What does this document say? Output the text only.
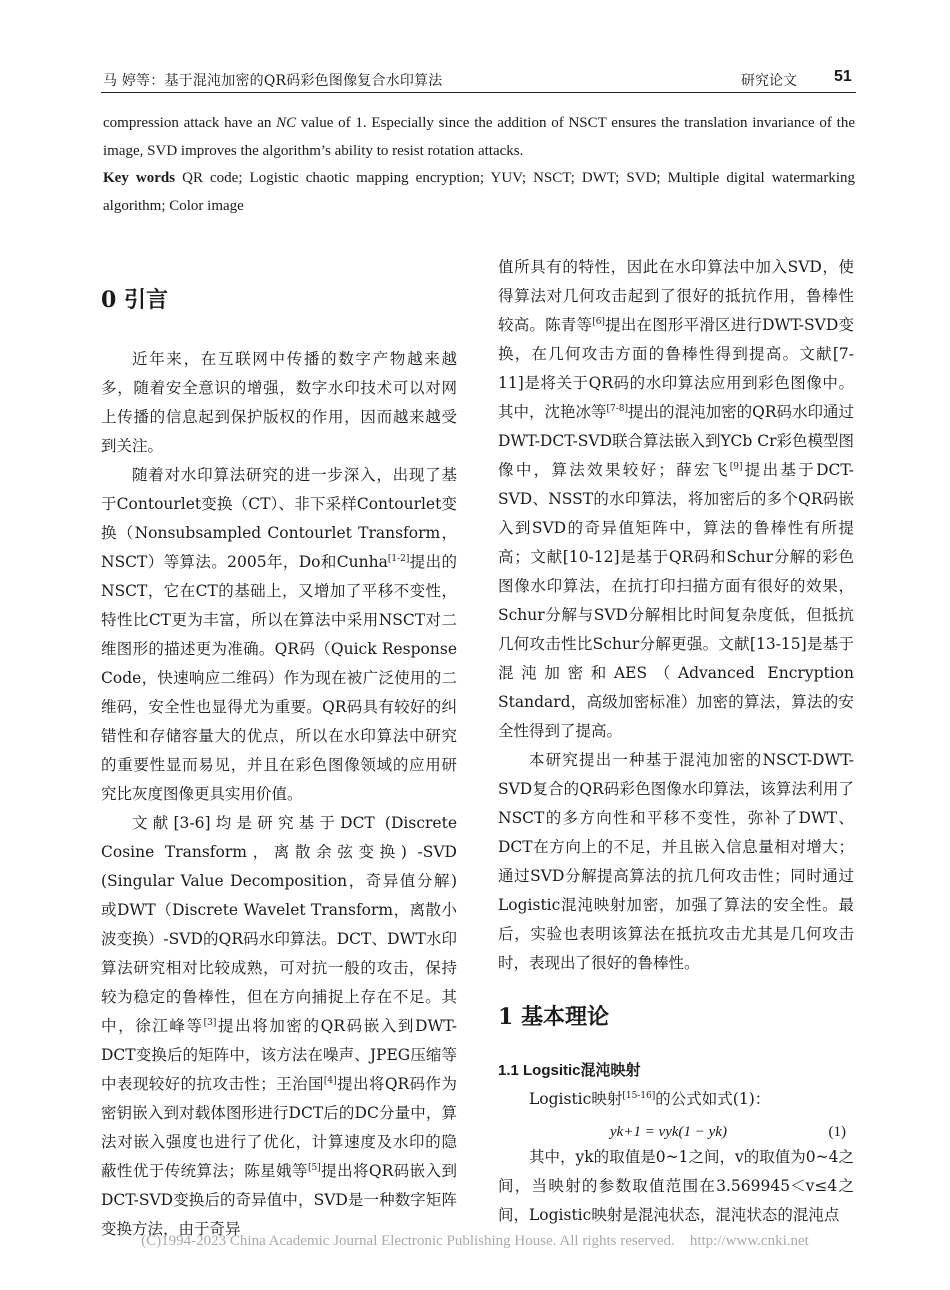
马 婷等：基于混沌加密的QR码彩色图像复合水印算法	研究论文 51

compression attack have an NC value of 1. Especially since the addition of NSCT ensures the translation invariance of the image, SVD improves the algorithm’s ability to resist rotation attacks.

Key words QR code; Logistic chaotic mapping encryption; YUV; NSCT; DWT; SVD; Multiple digital watermarking algorithm; Color image

0 引言

近年来，在互联网中传播的数字产物越来越多，随着安全意识的增强，数字水印技术可以对网上传播的信息起到保护版权的作用，因而越来越受到关注。

随着对水印算法研究的进一步深入，出现了基于Contourlet变换（CT）、非下采样Contourlet变换（Nonsubsampled Contourlet Transform，NSCT）等算法。2005年，Do和Cunha[1-2]提出的NSCT，它在CT的基础上，又增加了平移不变性，特性比CT更为丰富，所以在算法中采用NSCT对二维图形的描述更为准确。QR码（Quick Response Code，快速响应二维码）作为现在被广泛使用的二维码，安全性也显得尤为重要。QR码具有较好的纠错性和存储容量大的优点，所以在水印算法中研究的重要性显而易见，并且在彩色图像领域的应用研究比灰度图像更具实用价值。

文献[3-6]均是研究基于DCT (Discrete Cosine Transform，离散余弦变换) -SVD (Singular Value Decomposition，奇异值分解)或DWT（Discrete Wavelet Transform，离散小波变换）-SVD的QR码水印算法。DCT、DWT水印算法研究相对比较成熟，可对抗一般的攻击，保持较为稳定的鲁棒性，但在方向捕捉上存在不足。其中，徐江峰等[3]提出将加密的QR码嵌入到DWT-DCT变换后的矩阵中，该方法在噪声、JPEG压缩等中表现较好的抗攻击性；王治国[4]提出将QR码作为密钥嵌入到对载体图形进行DCT后的DC分量中，算法对嵌入强度也进行了优化，计算速度及水印的隐蔽性优于传统算法；陈星娥等[5]提出将QR码嵌入到DCT-SVD变换后的奇异值中，SVD是一种数字矩阵变换方法，由于奇异

值所具有的特性，因此在水印算法中加入SVD，使得算法对几何攻击起到了很好的抵抗作用，鲁棒性较高。陈青等[6]提出在图形平滑区进行DWT-SVD变换，在几何攻击方面的鲁棒性得到提高。文献[7-11]是将关于QR码的水印算法应用到彩色图像中。其中，沈艳冰等[7-8]提出的混沌加密的QR码水印通过DWT-DCT-SVD联合算法嵌入到YCb Cr彩色模型图像中，算法效果较好；薛宏飞[9]提出基于DCT-SVD、NSST的水印算法，将加密后的多个QR码嵌入到SVD的奇异值矩阵中，算法的鲁棒性有所提高；文献[10-12]是基于QR码和Schur分解的彩色图像水印算法，在抗打印扫描方面有很好的效果，Schur分解与SVD分解相比时间复杂度低，但抵抗几何攻击性比Schur分解更强。文献[13-15]是基于混沌加密和AES（Advanced Encryption Standard，高级加密标准）加密的算法，算法的安全性得到了提高。

本研究提出一种基于混沌加密的NSCT-DWT-SVD复合的QR码彩色图像水印算法，该算法利用了NSCT的多方向性和平移不变性，弥补了DWT、DCT在方向上的不足，并且嵌入信息量相对增大；通过SVD分解提高算法的抗几何攻击性；同时通过Logistic混沌映射加密，加强了算法的安全性。最后，实验也表明该算法在抵抗攻击尤其是几何攻击时，表现出了很好的鲁棒性。

1 基本理论
1.1 Logsitic混沌映射

Logistic映射[15-16]的公式如式(1)：

yk+1 = vyk(1 − yk)	(1)

其中，yk的取值是0~1之间，v的取值为0~4之间，当映射的参数取值范围在3.569945＜v≤4之间，Logistic映射是混沌状态，混沌状态的混沌点

(C)1994-2023 China Academic Journal Electronic Publishing House. All rights reserved. http://www.cnki.net
